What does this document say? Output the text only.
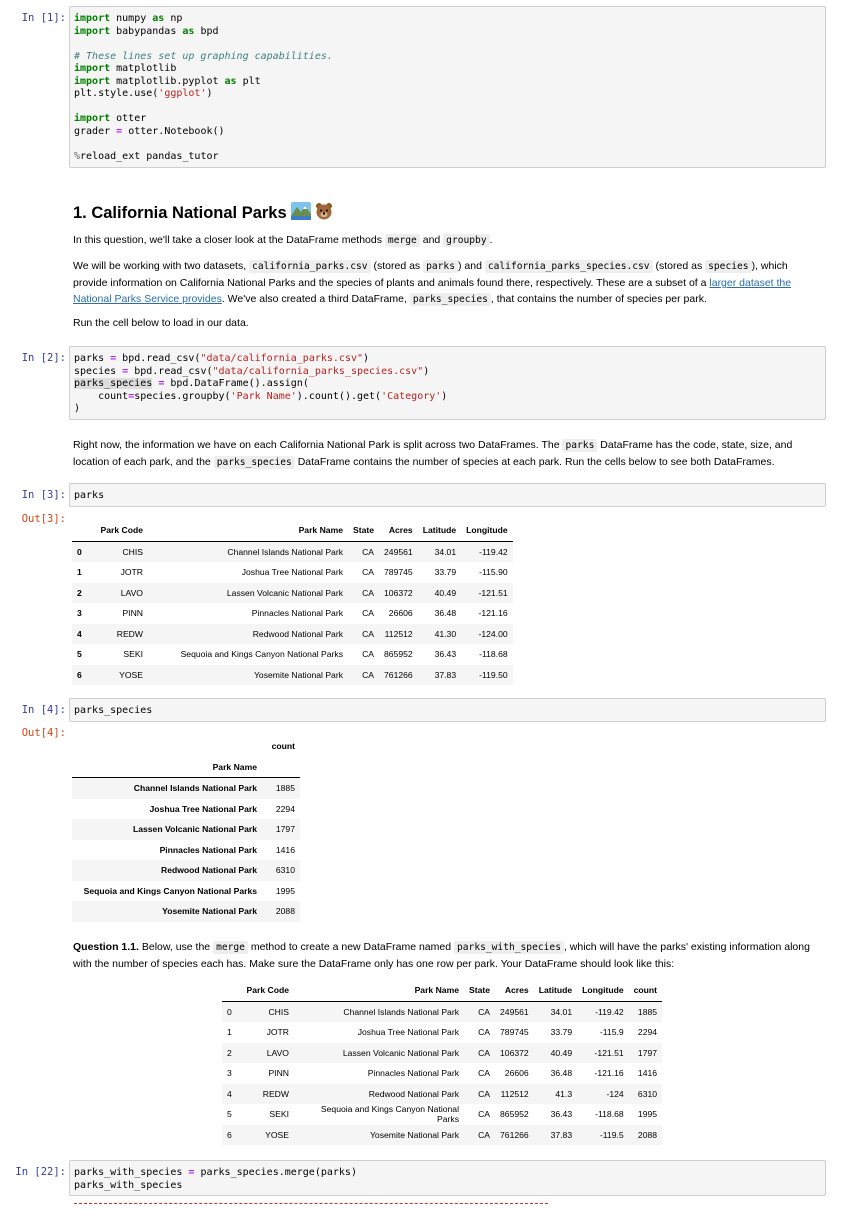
In [1]: import numpy as np
import babypandas as bpd

# These lines set up graphing capabilities.
import matplotlib
import matplotlib.pyplot as plt
plt.style.use('ggplot')

import otter
grader = otter.Notebook()

%reload_ext pandas_tutor
1. California National Parks

In this question, we'll take a closer look at the DataFrame methods merge and groupby .

We will be working with two datasets, california_parks.csv (stored as parks ) and california_parks_species.csv (stored as species ), which provide information on California National Parks and the species of plants and animals found there, respectively. These are a subset of a larger dataset the National Parks Service provides. We've also created a third DataFrame, parks_species , that contains the number of species per park.

Run the cell below to load in our data.

In [2]: parks = bpd.read_csv("data/california_parks.csv")
species = bpd.read_csv("data/california_parks_species.csv")
parks_species = bpd.DataFrame().assign(
count=species.groupby('Park Name').count().get('Category')
)

Right now, the information we have on each California National Park is split across two DataFrames. The parks DataFrame has the code, state, size, and location of each park, and the parks_species DataFrame contains the number of species at each park. Run the cells below to see both DataFrames.

In [3]: parks
Out[3]:
	Park Code	Park Name	State	Acres	Latitude	Longitude
0	CHIS	Channel Islands National Park	CA	249561	34.01	-119.42
1	JOTR	Joshua Tree National Park	CA	789745	33.79	-115.90
2	LAVO	Lassen Volcanic National Park	CA	106372	40.49	-121.51
3	PINN	Pinnacles National Park	CA	26606	36.48	-121.16
4	REDW	Redwood National Park	CA	112512	41.30	-124.00
5	SEKI	Sequoia and Kings Canyon National Parks	CA	865952	36.43	-118.68
6	YOSE	Yosemite National Park	CA	761266	37.83	-119.50
In [4]: parks_species
Out[4]:
	count
Park Name	
Channel Islands National Park	1885
Joshua Tree National Park	2294
Lassen Volcanic National Park	1797
Pinnacles National Park	1416
Redwood National Park	6310
Sequoia and Kings Canyon National Parks	1995
Yosemite National Park	2088

Question 1.1. Below, use the merge method to create a new DataFrame named parks_with_species , which will have the parks' existing information along with the number of species each has. Make sure the DataFrame only has one row per park. Your DataFrame should look like this:

	Park Code	Park Name	State	Acres	Latitude	Longitude	count
0	CHIS	Channel Islands National Park	CA	249561	34.01	-119.42	1885
1	JOTR	Joshua Tree National Park	CA	789745	33.79	-115.9	2294
2	LAVO	Lassen Volcanic National Park	CA	106372	40.49	-121.51	1797
3	PINN	Pinnacles National Park	CA	26606	36.48	-121.16	1416
4	REDW	Redwood National Park	CA	112512	41.3	-124	6310
5	SEKI	Sequoia and Kings Canyon National Parks	CA	865952	36.43	-118.68	1995
6	YOSE	Yosemite National Park	CA	761266	37.83	-119.5	2088
In [22]: parks_with_species = parks_species.merge(parks)
parks_with_species
